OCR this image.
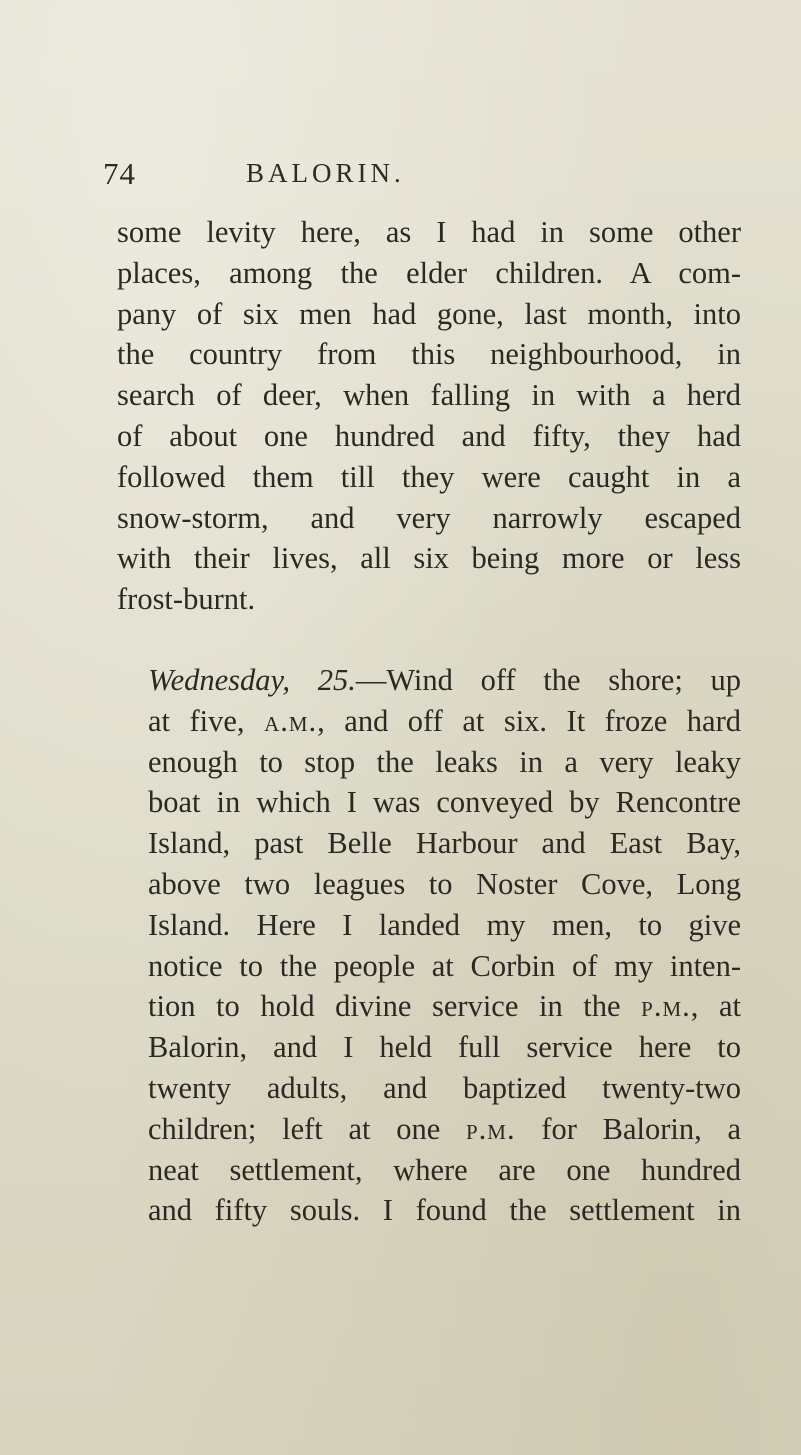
74	BALORIN.

some levity here, as I had in some other
places, among the elder children. A com-
pany of six men had gone, last month, into
the country from this neighbourhood, in
search of deer, when falling in with a herd
of about one hundred and fifty, they had
followed them till they were caught in a
snow-storm, and very narrowly escaped
with their lives, all six being more or less
frost-burnt.

Wednesday, 25.—Wind off the shore; up
at five, a.m., and off at six. It froze hard
enough to stop the leaks in a very leaky
boat in which I was conveyed by Rencontre
Island, past Belle Harbour and East Bay,
above two leagues to Noster Cove, Long
Island. Here I landed my men, to give
notice to the people at Corbin of my inten-
tion to hold divine service in the p.m., at
Balorin, and I held full service here to
twenty adults, and baptized twenty-two
children; left at one p.m. for Balorin, a
neat settlement, where are one hundred
and fifty souls. I found the settlement in
